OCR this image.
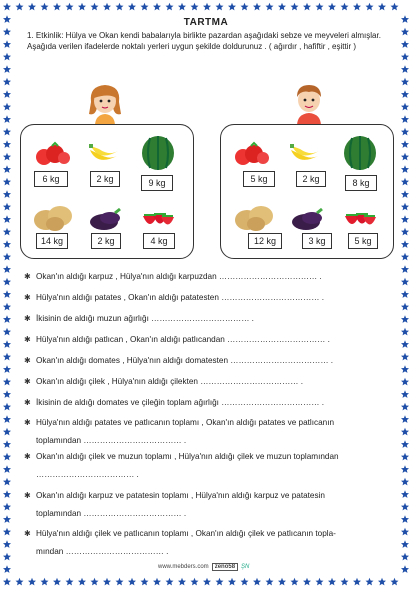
TARTMA
1. Etkinlik: Hülya ve Okan kendi babalarıyla birlikte pazardan aşağıdaki sebze ve meyveleri almışlar. Aşağıda verilen ifadelerde noktalı yerleri uygun şekilde doldurunuz . ( ağırdır , hafiftir , eşittir )
6 kg	2 kg	9 kg
14 kg	2 kg	4 kg
5 kg	2 kg	8 kg
12 kg	3 kg	5 kg
✱ Okan'ın aldığı karpuz , Hülya'nın aldığı karpuzdan ……………………………… .
✱ Hülya'nın aldığı patates , Okan'ın aldığı patatesten ……………………………… .
✱ İkisinin de aldığı muzun ağırlığı ……………………………… .
✱ Hülya'nın aldığı patlıcan , Okan'ın aldığı patlıcandan ……………………………… .
✱ Okan'ın aldığı domates , Hülya'nın aldığı domatesten ……………………………… .
✱ Okan'ın aldığı çilek , Hülya'nın aldığı çilekten ……………………………… .
✱ İkisinin de aldığı domates ve çileğin toplam ağırlığı ……………………………… .
✱ Hülya'nın aldığı patates ve patlıcanın toplamı , Okan'ın aldığı patates ve patlıcanın
toplamından ……………………………… .
✱ Okan'ın aldığı çilek ve muzun toplamı , Hülya'nın aldığı çilek ve muzun toplamından
……………………………… .
✱ Okan'ın aldığı karpuz ve patatesin toplamı , Hülya'nın aldığı karpuz ve patatesin
toplamından ……………………………… .
✱ Hülya'nın aldığı çilek ve patlıcanın toplamı , Okan'ın aldığı çilek ve patlıcanın topla-
mından ……………………………… .
www.mebders.com	zeno58	ŞN
